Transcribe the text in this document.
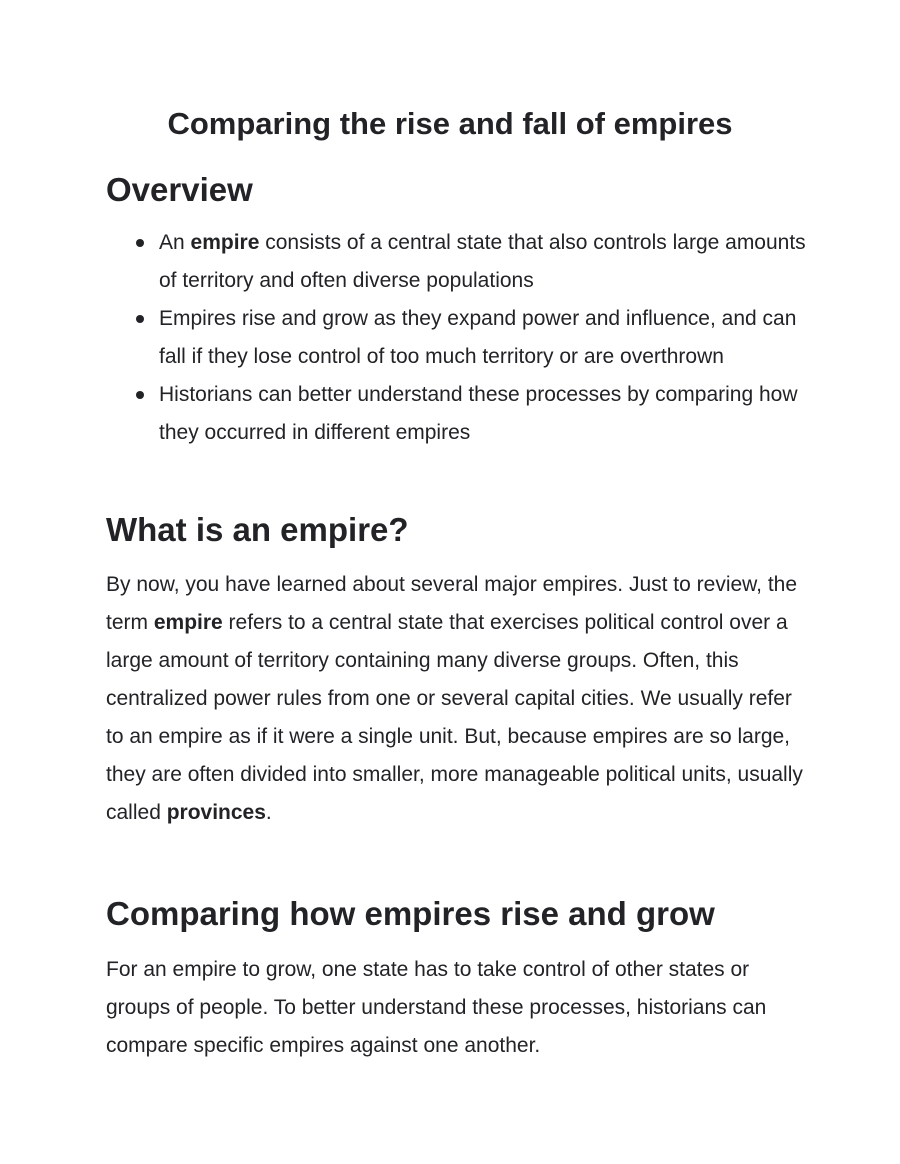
Comparing the rise and fall of empires
Overview
An empire consists of a central state that also controls large amounts of territory and often diverse populations
Empires rise and grow as they expand power and influence, and can fall if they lose control of too much territory or are overthrown
Historians can better understand these processes by comparing how they occurred in different empires
What is an empire?

By now, you have learned about several major empires. Just to review, the term empire refers to a central state that exercises political control over a large amount of territory containing many diverse groups. Often, this centralized power rules from one or several capital cities. We usually refer to an empire as if it were a single unit. But, because empires are so large, they are often divided into smaller, more manageable political units, usually called provinces.

Comparing how empires rise and grow

For an empire to grow, one state has to take control of other states or groups of people. To better understand these processes, historians can compare specific empires against one another.
